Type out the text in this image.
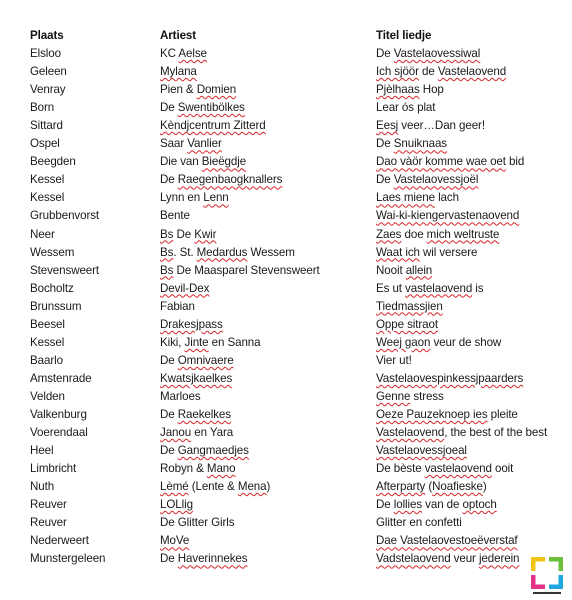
Plaats	Artiest	Titel liedje
Elsloo	KC Aelse	De Vastelaovessiwal
Geleen	Mylana	Ich sjöör de Vastelaovend
Venray	Pien & Domien	Pjèlhaas Hop
Born	De Swentibölkes	Lear ós plat
Sittard	Kèndjcentrum Zitterd	Eesj veer…Dan geer!
Ospel	Saar Vanlier	De Snuiknaas
Beegden	Die van Bieëgdje	Dao vàör komme wae oet bid
Kessel	De Raegenbaogknallers	De Vastelaovessjoël
Kessel	Lynn en Lenn	Laes miene lach
Grubbenvorst	Bente	Wai-ki-kiengervastenaovend
Neer	Bs De Kwir	Zaes doe mich weltruste
Wessem	Bs. St. Medardus Wessem	Waat ich wil versere
Stevensweert	Bs De Maasparel Stevensweert	Nooit allein
Bocholtz	Devil-Dex	Es ut vastelaovend is
Brunssum	Fabian	Tiedmassjien
Beesel	Drakesjpass	Oppe sitraot
Kessel	Kiki, Jinte en Sanna	Weej gaon veur de show
Baarlo	De Omnivaere	Vier ut!
Amstenrade	Kwatsjkaelkes	Vastelaovespinkessjpaarders
Velden	Marloes	Genne stress
Valkenburg	De Raekelkes	Oeze Pauzeknoep ies pleite
Voerendaal	Janou en Yara	Vastelaovend, the best of the best
Heel	De Gangmaedjes	Vastelaovessjoeal
Limbricht	Robyn & Mano	De bèste vastelaovend ooit
Nuth	Lèmé (Lente & Mena)	Afterparty (Noafieske)
Reuver	LOLlig	De lollies van de optoch
Reuver	De Glitter Girls	Glitter en confetti
Nederweert	MoVe	Dae Vastelaovestoeëverstaf
Munstergeleen	De Haverinnekes	Vadstelaovend veur jederein
